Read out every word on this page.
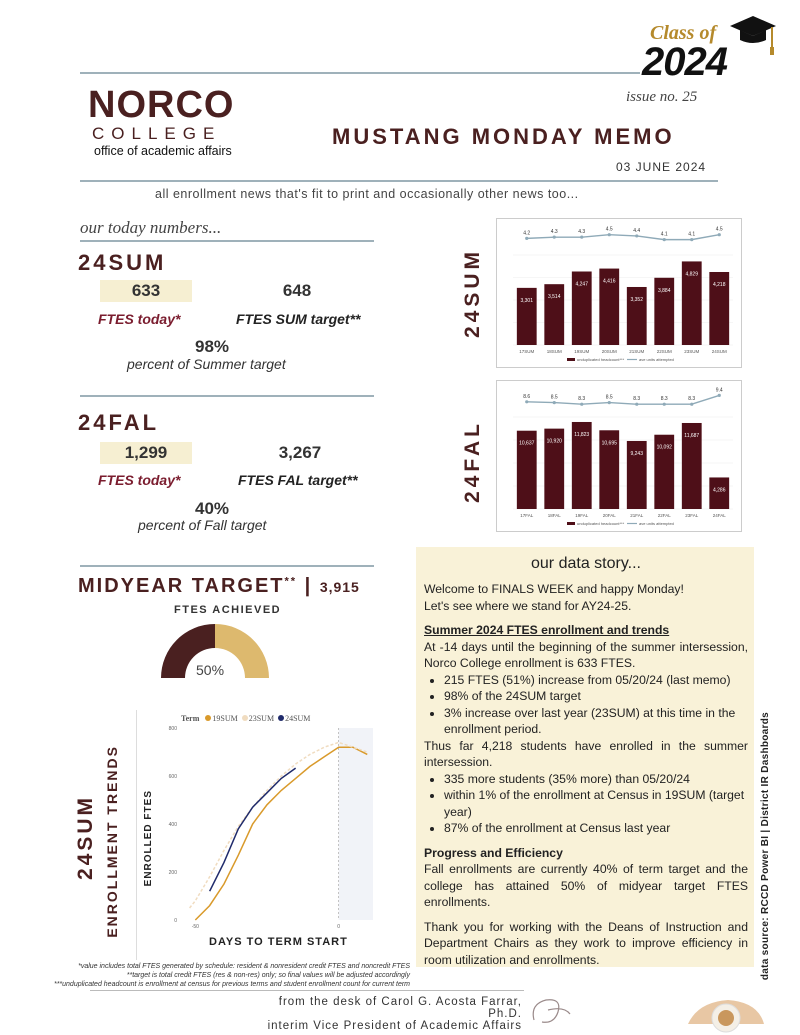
Class of
2024
issue no. 25
NORCO
COLLEGE
office of academic affairs
MUSTANG MONDAY MEMO
03 JUNE 2024
all enrollment news that's fit to print and occasionally other news too...
our today numbers...
24SUM
633	648
FTES today*	FTES SUM target**
98%
percent of Summer target
24FAL
1,299	3,267
FTES today*	FTES FAL target**
40%
percent of Fall target
MIDYEAR TARGET** | 3,915
FTES ACHIEVED
50%
24SUM ENROLLMENT TRENDS
Term 19SUM 23SUM 24SUM
ENROLLED FTES
800
600
400
200
0
-50	0
DAYS TO TERM START
24SUM	3,301
17SUM
3,514
18SUM
4,247
19SUM
4,416
20SUM
3,352
21SUM
3,884
22SUM
4,829
23SUM
4,218
24SUM
4.2	4.3	4.3	4.5	4.4
4.1	4.1
4.5
unduplicated headcount***	ave units attempted
24FAL	10,637
17FAL
10,920
18FAL
11,823
19FAL
10,695
20FAL
9,243
21FAL
10,092
22FAL
11,687
23FAL
4,286
24FAL
8.6	8.5	8.3	8.5	8.3	8.3	8.3
9.4
unduplicated headcount***	ave units attempted
our data story...

Welcome to FINALS WEEK and happy Monday!

Let's see where we stand for AY24-25.

Summer 2024 FTES enrollment and trends

At -14 days until the beginning of the summer intersession, Norco College enrollment is 633 FTES.

• 215 FTES (51%) increase from 05/20/24 (last memo)
• 98% of the 24SUM target
• 3% increase over last year (23SUM) at this time in the enrollment period.

Thus far 4,218 students have enrolled in the summer intersession.

• 335 more students (35% more) than 05/20/24
• within 1% of the enrollment at Census in 19SUM (target year)
• 87% of the enrollment at Census last year

Progress and Efficiency

Fall enrollments are currently 40% of term target and the college has attained 50% of midyear target FTES enrollments.

Thank you for working with the Deans of Instruction and Department Chairs as they work to improve efficiency in room utilization and enrollments.	data source: RCCD Power BI | District IR Dashboards
*value includes total FTES generated by schedule: resident & nonresident credit FTES and noncredit FTES
**target is total credit FTES (res & non-res) only; so final values will be adjusted accordingly
***unduplicated headcount is enrollment at census for previous terms and student enrollment count for current term
from the desk of Carol G. Acosta Farrar, Ph.D.
interim Vice President of Academic Affairs
